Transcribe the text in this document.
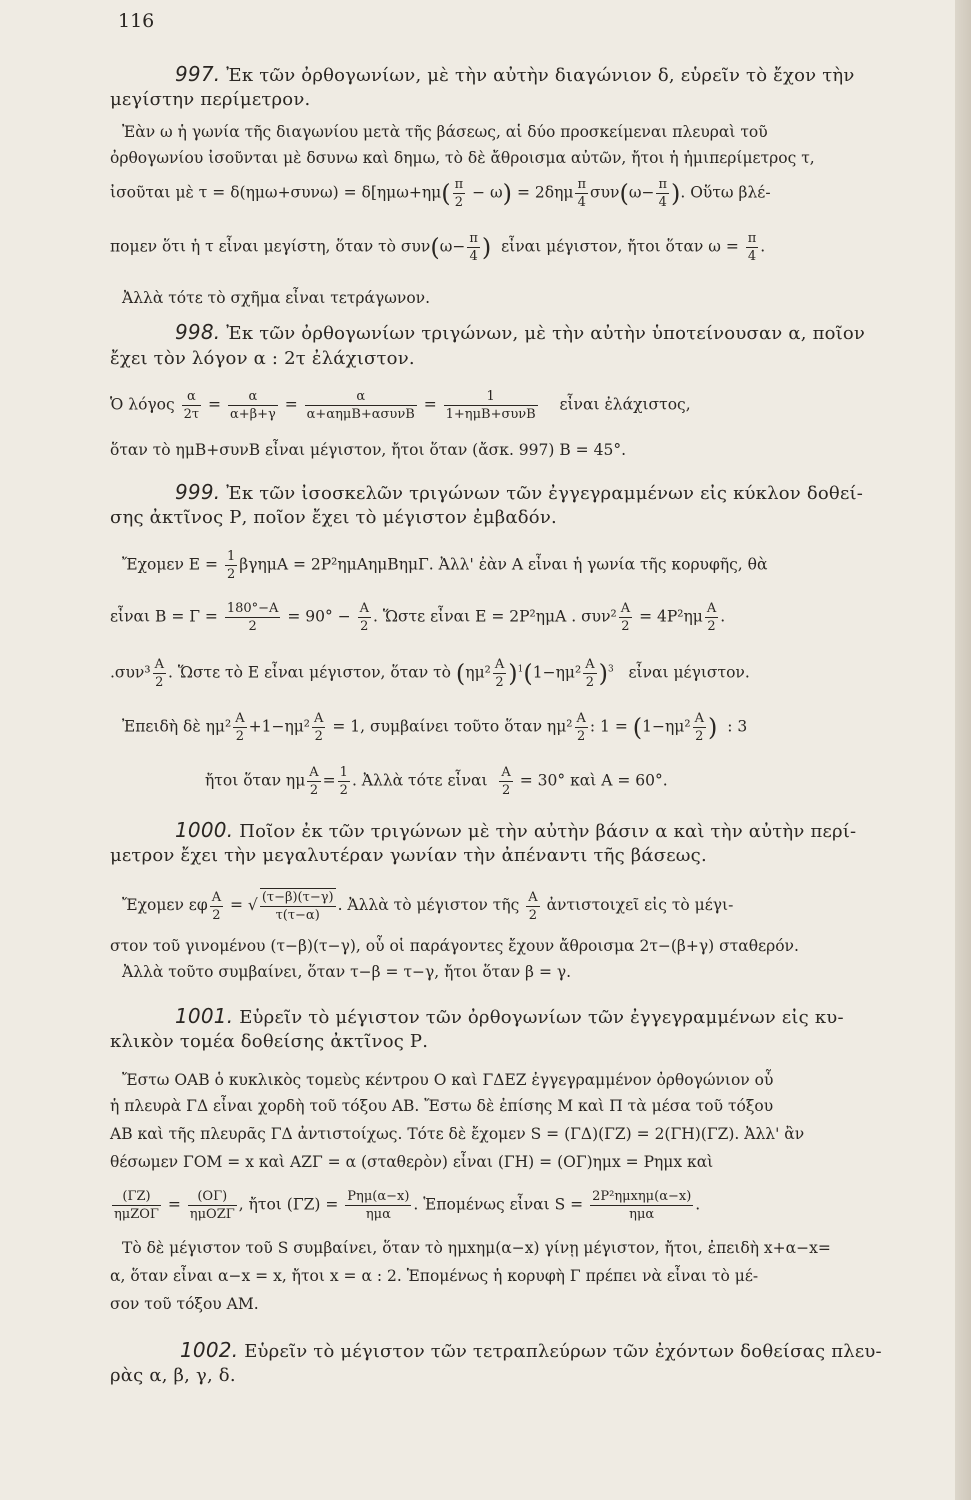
116
997. Ἐκ τῶν ὀρθογωνίων, μὲ τὴν αὐτὴν διαγώνιον δ, εὑρεῖν τὸ ἔχον τὴν
μεγίστην περίμετρον.
Ἐὰν ω ἡ γωνία τῆς διαγωνίου μετὰ τῆς βάσεως, αἱ δύο προσκείμεναι πλευραὶ τοῦ
ὀρθογωνίου ἰσοῦνται μὲ δσυνω καὶ δημω, τὸ δὲ ἄθροισμα αὐτῶν, ἤτοι ἡ ἡμιπερίμετρος τ,
ἰσοῦται μὲ $\tau = \delta(\eta\mu\omega+\sigma\upsilon\nu\omega) = \delta[\eta\mu\omega+\eta\mu( \frac{\pi}{2} - \omega) = 2\delta\eta\mu \frac{\pi}{4} \sigma\upsilon\nu(\omega- \frac{\pi}{4}$ ). Οὕτω βλέ-
πομεν ὅτι ἡ τ εἶναι μεγίστη, ὅταν τὸ $\sigma\upsilon\nu(\omega- \frac{\pi}{4}$ ) εἶναι μέγιστον, ἤτοι ὅταν $\omega = \frac{\pi}{4}$ .
Ἀλλὰ τότε τὸ σχῆμα εἶναι τετράγωνον.
998. Ἐκ τῶν ὀρθογωνίων τριγώνων, μὲ τὴν αὐτὴν ὑποτείνουσαν α, ποῖον
ἔχει τὸν λόγον α : 2τ ἐλάχιστον.
Ὁ λόγος $\frac{\alpha}{2\tau} = \frac{\alpha}{\alpha+\beta+\gamma}$ =	α
α+αημΒ+ασυνΒ
=	1
1+ημΒ+συνΒ
εἶναι ἐλάχιστος,
ὅταν τὸ ημΒ+συνΒ εἶναι μέγιστον, ἤτοι ὅταν (ἄσκ. 997) Β = 45°.
999. Ἐκ τῶν ἰσοσκελῶν τριγώνων τῶν ἐγγεγραμμένων εἰς κύκλον δοθεί-
σης ἀκτῖνος Ρ, ποῖον ἔχει τὸ μέγιστον ἐμβαδόν.
Ἔχομεν $E = \frac{1}{2}$ βγημΑ = 2Ρ²ημΑημΒημΓ. Ἀλλ' ἐὰν Α εἶναι ἡ γωνία τῆς κορυφῆς, θὰ
εἶναι $B = \Gamma = \frac{180^\circ-A}{2} = 90^\circ - \frac{A}{2}$ . Ὥστε εἶναι Ε = 2Ρ²ημΑ . $\sigma\upsilon\nu^2 \frac{A}{2} = 4P^2\eta\mu \frac{A}{2}$ .
$.\sigma\upsilon\nu^3 \frac{A}{2}$ . Ὥστε τὸ Ε εἶναι μέγιστον, ὅταν τὸ $(\eta\mu^2 \frac{A}{2} )^1(1-\eta\mu^2 \frac{A}{2} )^3$ εἶναι μέγιστον.
Ἐπειδὴ δὲ $\eta\mu^2 \frac{A}{2} +1-\eta\mu^2 \frac{A}{2} = 1$, συμβαίνει τοῦτο ὅταν $\eta\mu^2 \frac{A}{2}$ : $1 = (1-\eta\mu^2 \frac{A}{2}$ ) : 3
ἤτοι ὅταν ημ $\frac{A}{2} = \frac{1}{2}$ . Ἀλλὰ τότε εἶναι $\frac{A}{2} = 30^\circ$ καὶ Α = 60°.
1000. Ποῖον ἐκ τῶν τριγώνων μὲ τὴν αὐτὴν βάσιν α καὶ τὴν αὐτὴν περί-
μετρον ἔχει τὴν μεγαλυτέραν γωνίαν τὴν ἀπέναντι τῆς βάσεως.
Ἔχομεν εφ $\frac{A}{2}$ = √ $\frac{(\tau-\beta)(\tau-\gamma)}{\tau(\tau-\alpha)}$ . Ἀλλὰ τὸ μέγιστον τῆς $\frac{A}{2}$ ἀντιστοιχεῖ εἰς τὸ μέγι-
στον τοῦ γινομένου (τ−β)(τ−γ), οὗ οἱ παράγοντες ἔχουν ἄθροισμα 2τ−(β+γ) σταθερόν.
Ἀλλὰ τοῦτο συμβαίνει, ὅταν τ−β = τ−γ, ἤτοι ὅταν β = γ.
1001. Εὑρεῖν τὸ μέγιστον τῶν ὀρθογωνίων τῶν ἐγγεγραμμένων εἰς κυ-
κλικὸν τομέα δοθείσης ἀκτῖνος Ρ.
Ἔστω ΟΑΒ ὁ κυκλικὸς τομεὺς κέντρου Ο καὶ ΓΔΕΖ ἐγγεγραμμένον ὀρθογώνιον οὗ
ἡ πλευρὰ ΓΔ εἶναι χορδὴ τοῦ τόξου ΑΒ. Ἔστω δὲ ἐπίσης Μ καὶ Π τὰ μέσα τοῦ τόξου
ΑΒ καὶ τῆς πλευρᾶς ΓΔ ἀντιστοίχως. Τότε δὲ ἔχομεν S = (ΓΔ)(ΓΖ) = 2(ΓΗ)(ΓΖ). Ἀλλ' ἂν
θέσωμεν ΓΟΜ = x καὶ ΑΖΓ = α (σταθερὸν) εἶναι (ΓΗ) = (ΟΓ)ημx = Ρημx καὶ
(ΓΖ)
ημΖΟΓ
= (ΟΓ)
ημΟΖΓ
, ἤτοι (ΓΖ) = Ρημ(α−x)
ημα
. Ἑπομένως εἶναι S = 2Ρ²ημxημ(α−x)
ημα
.
Τὸ δὲ μέγιστον τοῦ S συμβαίνει, ὅταν τὸ ημxημ(α−x) γίνῃ μέγιστον, ἤτοι, ἐπειδὴ x+α−x=
α, ὅταν εἶναι α−x = x, ἤτοι x = α : 2. Ἑπομένως ἡ κορυφὴ Γ πρέπει νὰ εἶναι τὸ μέ-
σον τοῦ τόξου ΑΜ.
1002. Εὑρεῖν τὸ μέγιστον τῶν τετραπλεύρων τῶν ἐχόντων δοθείσας πλευ-
ρὰς α, β, γ, δ.
